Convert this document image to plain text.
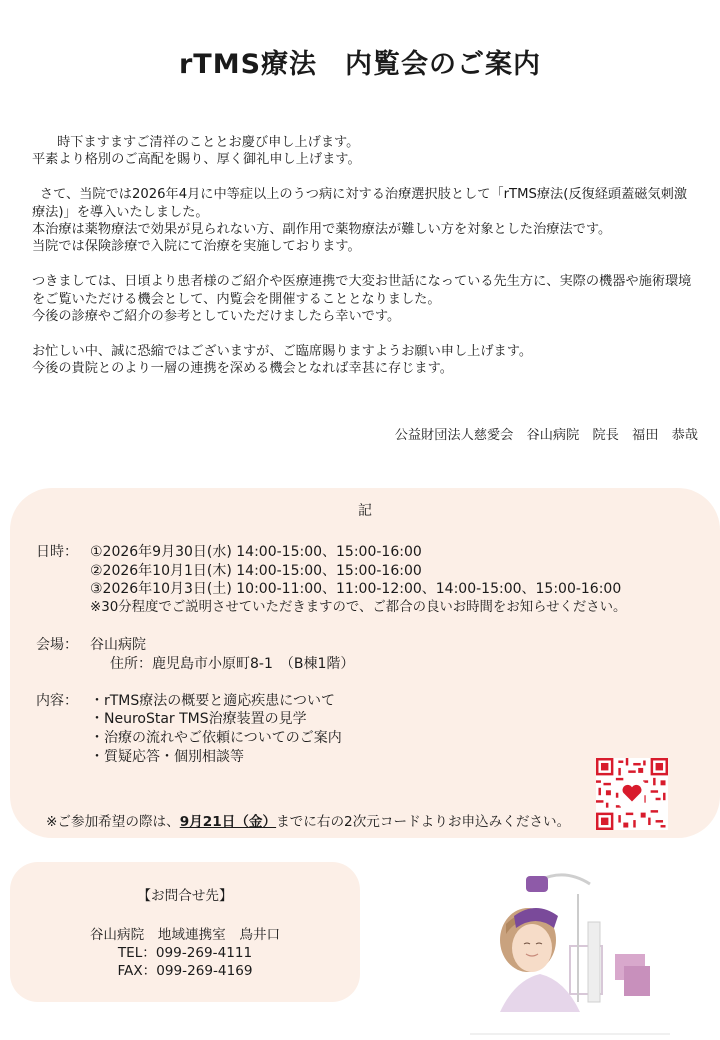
rTMS療法　内覧会のご案内

時下ますますご清祥のこととお慶び申し上げます。
平素より格別のご高配を賜り、厚く御礼申し上げます。

さて、当院では2026年4月に中等症以上のうつ病に対する治療選択肢として「rTMS療法(反復経頭蓋磁気刺激療法)」を導入いたしました。
本治療は薬物療法で効果が見られない方、副作用で薬物療法が難しい方を対象とした治療法です。
当院では保険診療で入院にて治療を実施しております。

つきましては、日頃より患者様のご紹介や医療連携で大変お世話になっている先生方に、実際の機器や施術環境をご覧いただける機会として、内覧会を開催することとなりました。
今後の診療やご紹介の参考としていただけましたら幸いです。

お忙しい中、誠に恐縮ではございますが、ご臨席賜りますようお願い申し上げます。
今後の貴院とのより一層の連携を深める機会となれば幸甚に存じます。

公益財団法人慈愛会　谷山病院　院長　福田　恭哉
記
日時： ①2026年9月30日(水) 14:00-15:00、15:00-16:00
②2026年10月1日(木) 14:00-15:00、15:00-16:00
③2026年10月3日(土) 10:00-11:00、11:00-12:00、14:00-15:00、15:00-16:00
※30分程度でご説明させていただきますので、ご都合の良いお時間をお知らせください。
会場： 谷山病院
住所：鹿児島市小原町8-1　（B棟1階）
内容： ・rTMS療法の概要と適応疾患について
・NeuroStar TMS治療装置の見学
・治療の流れやご依頼についてのご案内
・質疑応答・個別相談等
※ご参加希望の際は、9月21日（金）までに右の2次元コードよりお申込みください。
【お問合せ先】
谷山病院　地域連携室　鳥井口
TEL：099-269-4111
FAX：099-269-4169
